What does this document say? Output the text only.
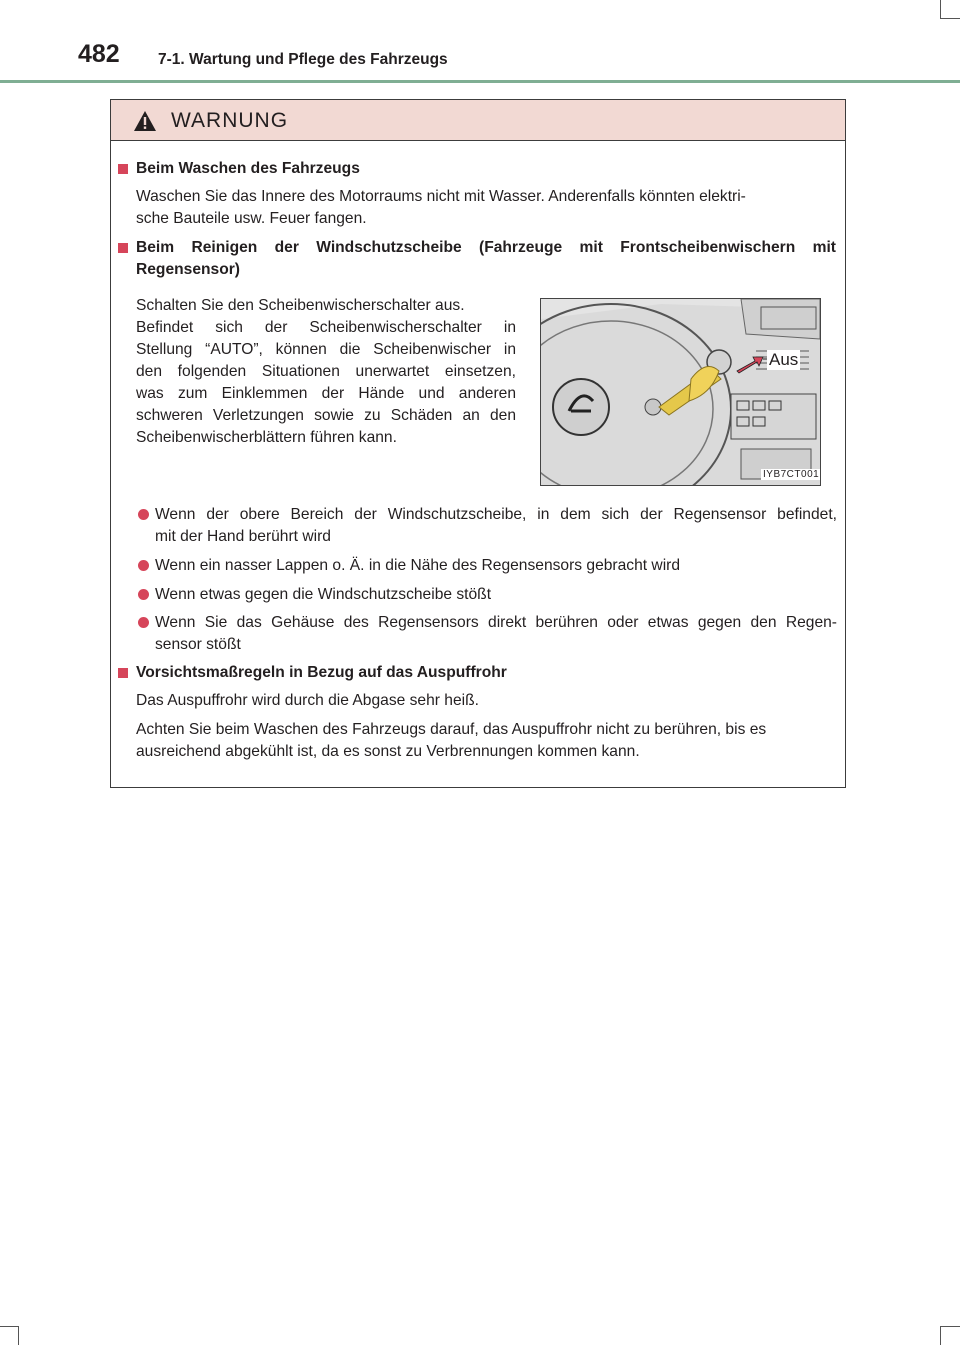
482 7-1. Wartung und Pflege des Fahrzeugs
WARNUNG
Beim Waschen des Fahrzeugs
Waschen Sie das Innere des Motorraums nicht mit Wasser. Anderenfalls könnten elektri-
sche Bauteile usw. Feuer fangen.
Beim Reinigen der Windschutzscheibe (Fahrzeuge mit Frontscheibenwischern mit
Regensensor)
Schalten Sie den Scheibenwischerschalter aus.
Befindet sich der Scheibenwischerschalter in
Stellung “AUTO”, können die Scheibenwischer in
den folgenden Situationen unerwartet einsetzen,
was zum Einklemmen der Hände und anderen
schweren Verletzungen sowie zu Schäden an den
Scheibenwischerblättern führen kann.
Aus
IYB7CT001
Wenn der obere Bereich der Windschutzscheibe, in dem sich der Regensensor befindet,
mit der Hand berührt wird
Wenn ein nasser Lappen o. Ä. in die Nähe des Regensensors gebracht wird
Wenn etwas gegen die Windschutzscheibe stößt
Wenn Sie das Gehäuse des Regensensors direkt berühren oder etwas gegen den Regen-
sensor stößt
Vorsichtsmaßregeln in Bezug auf das Auspuffrohr
Das Auspuffrohr wird durch die Abgase sehr heiß.
Achten Sie beim Waschen des Fahrzeugs darauf, das Auspuffrohr nicht zu berühren, bis es
ausreichend abgekühlt ist, da es sonst zu Verbrennungen kommen kann.
